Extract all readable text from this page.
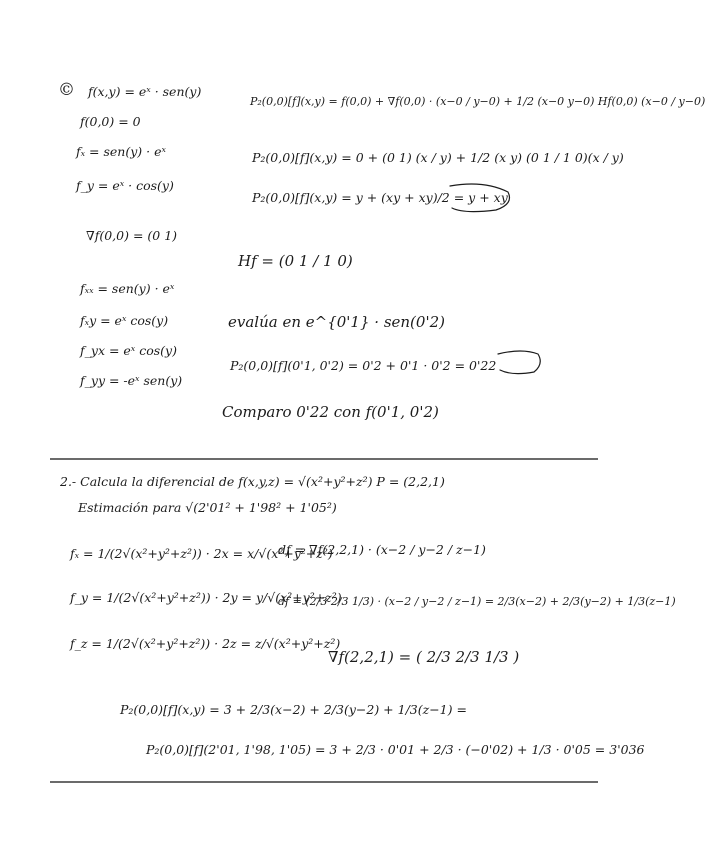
© f(x,y) = eˣ · sen(y)
f(0,0) = 0
fₓ = sen(y) · eˣ
f_y = eˣ · cos(y)
∇f(0,0) = (0 1)
fₓₓ = sen(y) · eˣ
fₓy = eˣ cos(y)
f_yx = eˣ cos(y)
f_yy = -eˣ sen(y)
P₂(0,0)[f](x,y) = f(0,0) + ∇f(0,0) · (x−0 / y−0) + 1/2 (x−0 y−0) Hf(0,0) (x−0 / y−0)
P₂(0,0)[f](x,y) = 0 + (0 1) (x / y) + 1/2 (x y) (0 1 / 1 0)(x / y)
P₂(0,0)[f](x,y) = y + (xy + xy)/2 = y + xy
Hf = (0 1 / 1 0)
evalúa en e^{0'1} · sen(0'2)
P₂(0,0)[f](0'1, 0'2) = 0'2 + 0'1 · 0'2 = 0'22
Comparo 0'22 con f(0'1, 0'2)
2.- Calcula la diferencial de f(x,y,z) = √(x²+y²+z²) P = (2,2,1)
Estimación para √(2'01² + 1'98² + 1'05²)
fₓ = 1/(2√(x²+y²+z²)) · 2x = x/√(x²+y²+z²)
f_y = 1/(2√(x²+y²+z²)) · 2y = y/√(x²+y²+z²)
f_z = 1/(2√(x²+y²+z²)) · 2z = z/√(x²+y²+z²)
df = ∇f(2,2,1) · (x−2 / y−2 / z−1)
df = (2/3 2/3 1/3) · (x−2 / y−2 / z−1) = 2/3(x−2) + 2/3(y−2) + 1/3(z−1)
∇f(2,2,1) = ( 2/3 2/3 1/3 )
P₂(0,0)[f](x,y) = 3 + 2/3(x−2) + 2/3(y−2) + 1/3(z−1) =
P₂(0,0)[f](2'01, 1'98, 1'05) = 3 + 2/3 · 0'01 + 2/3 · (−0'02) + 1/3 · 0'05 = 3'036
